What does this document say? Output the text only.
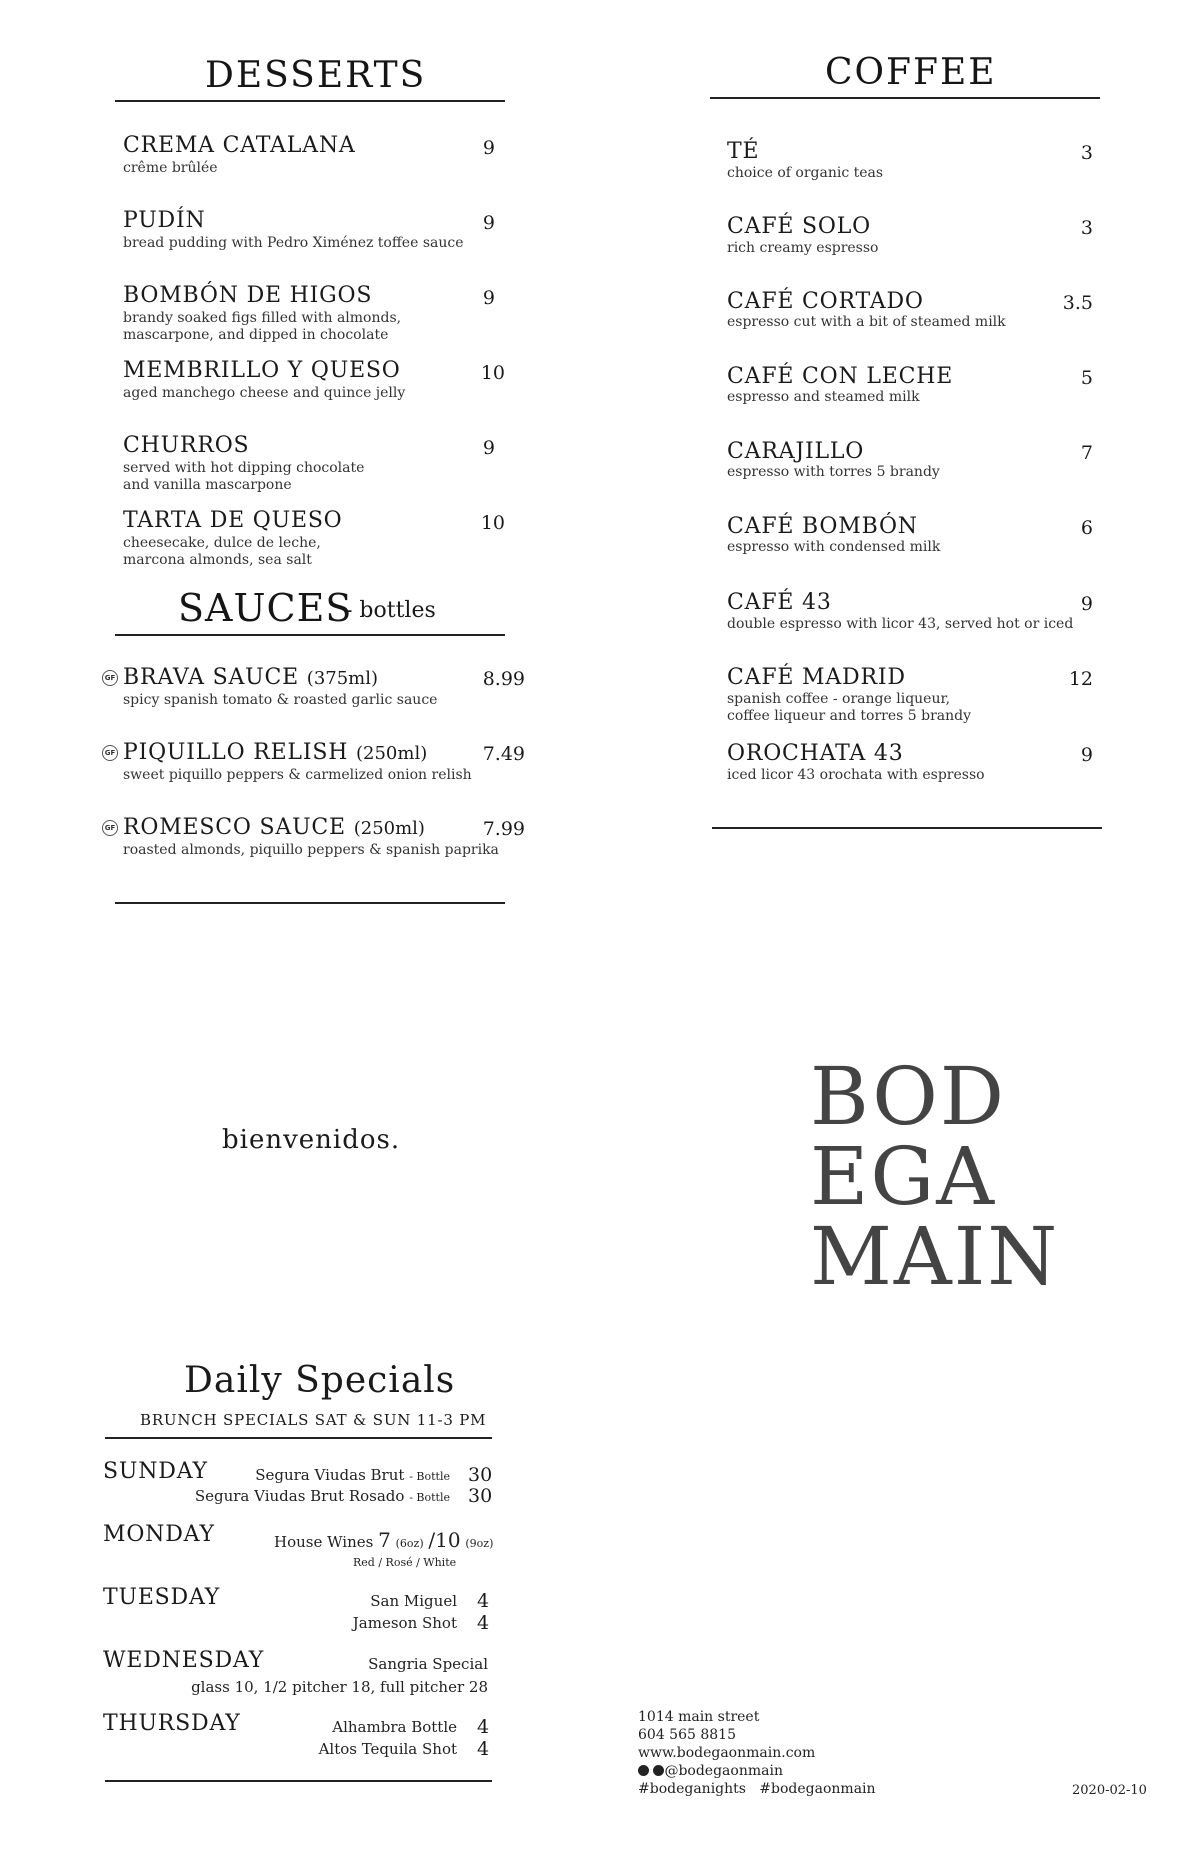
DESSERTS
CREMA CATALANA	9
crême brûlée
PUDÍN	9
bread pudding with Pedro Ximénez toffee sauce
BOMBÓN DE HIGOS	9
brandy soaked figs filled with almonds,
mascarpone, and dipped in chocolate
MEMBRILLO Y QUESO	10
aged manchego cheese and quince jelly
CHURROS	9
served with hot dipping chocolate
and vanilla mascarpone
TARTA DE QUESO	10
cheesecake, dulce de leche,
marcona almonds, sea salt
SAUCES
- bottles
GF BRAVA SAUCE (375ml)	8.99
spicy spanish tomato & roasted garlic sauce
GF PIQUILLO RELISH (250ml)	7.49
sweet piquillo peppers & carmelized onion relish
GF ROMESCO SAUCE (250ml)	7.99
roasted almonds, piquillo peppers & spanish paprika
COFFEE
TÉ	3
choice of organic teas
CAFÉ SOLO	3
rich creamy espresso
CAFÉ CORTADO	3.5
espresso cut with a bit of steamed milk
CAFÉ CON LECHE	5
espresso and steamed milk
CARAJILLO	7
espresso with torres 5 brandy
CAFÉ BOMBÓN	6
espresso with condensed milk
CAFÉ 43	9
double espresso with licor 43, served hot or iced
CAFÉ MADRID	12
spanish coffee - orange liqueur,
coffee liqueur and torres 5 brandy
OROCHATA 43	9
iced licor 43 orochata with espresso
bienvenidos.	BOD
EGA
MAIN
Daily Specials
BRUNCH SPECIALS SAT & SUN 11-3 PM
SUNDAY	Segura Viudas Brut - Bottle 30
Segura Viudas Brut Rosado - Bottle 30
MONDAY	House Wines 7 (6oz) /10 (9oz)
Red / Rosé / White
TUESDAY	San Miguel 4
Jameson Shot 4
WEDNESDAY	Sangria Special
glass 10, 1/2 pitcher 18, full pitcher 28
THURSDAY	Alhambra Bottle 4
Altos Tequila Shot 4
1014 main street
604 565 8815
www.bodegaonmain.com
@bodegaonmain
#bodeganights   #bodegaonmain	2020-02-10
